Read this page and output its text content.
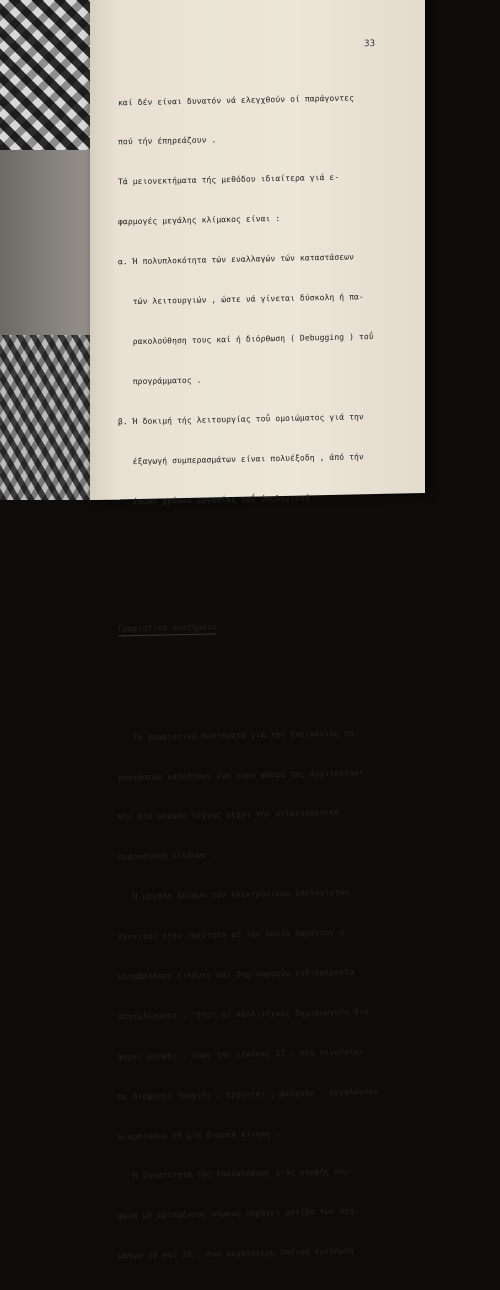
33

καί δέν είναι δυνατόν νά ελεγχθούν οί παράγοντες

πού τήν έπηρεάζουν .

Τά μειονεκτήματα τής μεθόδου ιδιαίτερα γιά ε-

φαρμογές μεγάλης κλίμακος είναι :

α. Ή πολυπλοκότητα τών εναλλαγών τών καταστάσεων

τών λειτουργιών , ώστε νά γίνεται δύσκολη ή πα-

ρακολούθηση τους καί ή διόρθωση ( Debugging ) τοΰ

προγράμματος .

β. Ή δοκιμή τής λειτουργίας τοΰ ομοιώματος γιά την

έξαγωγή συμπερασμάτων είναι πολυέξοδη , άπό τήν

έποψη χρόνου εργασίας τοΰ ύπολογιστή .

Γραφιστικά συστήματα

Τά γραφιστικά συστήματα γιά τήν άπεικόνιση πα-

ραστάσεων καλύπτουν ένα ευρύ φάσμα της άρχιτεκτονι-

κής άπό μορφές τέχνης μέχρι τήν στερεοσκοπική

παρουσίαση είκόνων .

Ή μεγάλη δύναμη τών ηλεκτρονικών ύπολογιστών

έγκειται στήν ταχύτητα μέ τήν όποία παράγουν ή

μεταβάλλουν εικόνες καί δημιουργοΰν ένδιαφέροντα

άποτελέσματα . "Ετσι οί καλλιτέχνες δημιουργοΰν διά-

φορες μορφές , όπως τής είκόνας 27 , πού κινοΰνται

σέ διάφορες τροχιές , έρχονται , φεύγουν , μεγαλώνουν

μικραίνουν σέ μία διαρκή κίνηση .

Ή δυνατότητα τής έπαναλήψεως μιάς μορφής σύμ-

φωνα μέ ώρισμένους νόμους παράγει μοτίβα τών σχη-

μάτων 28 καί 29 , ένώ μεγαλύτερη όπτική έντύπωση
